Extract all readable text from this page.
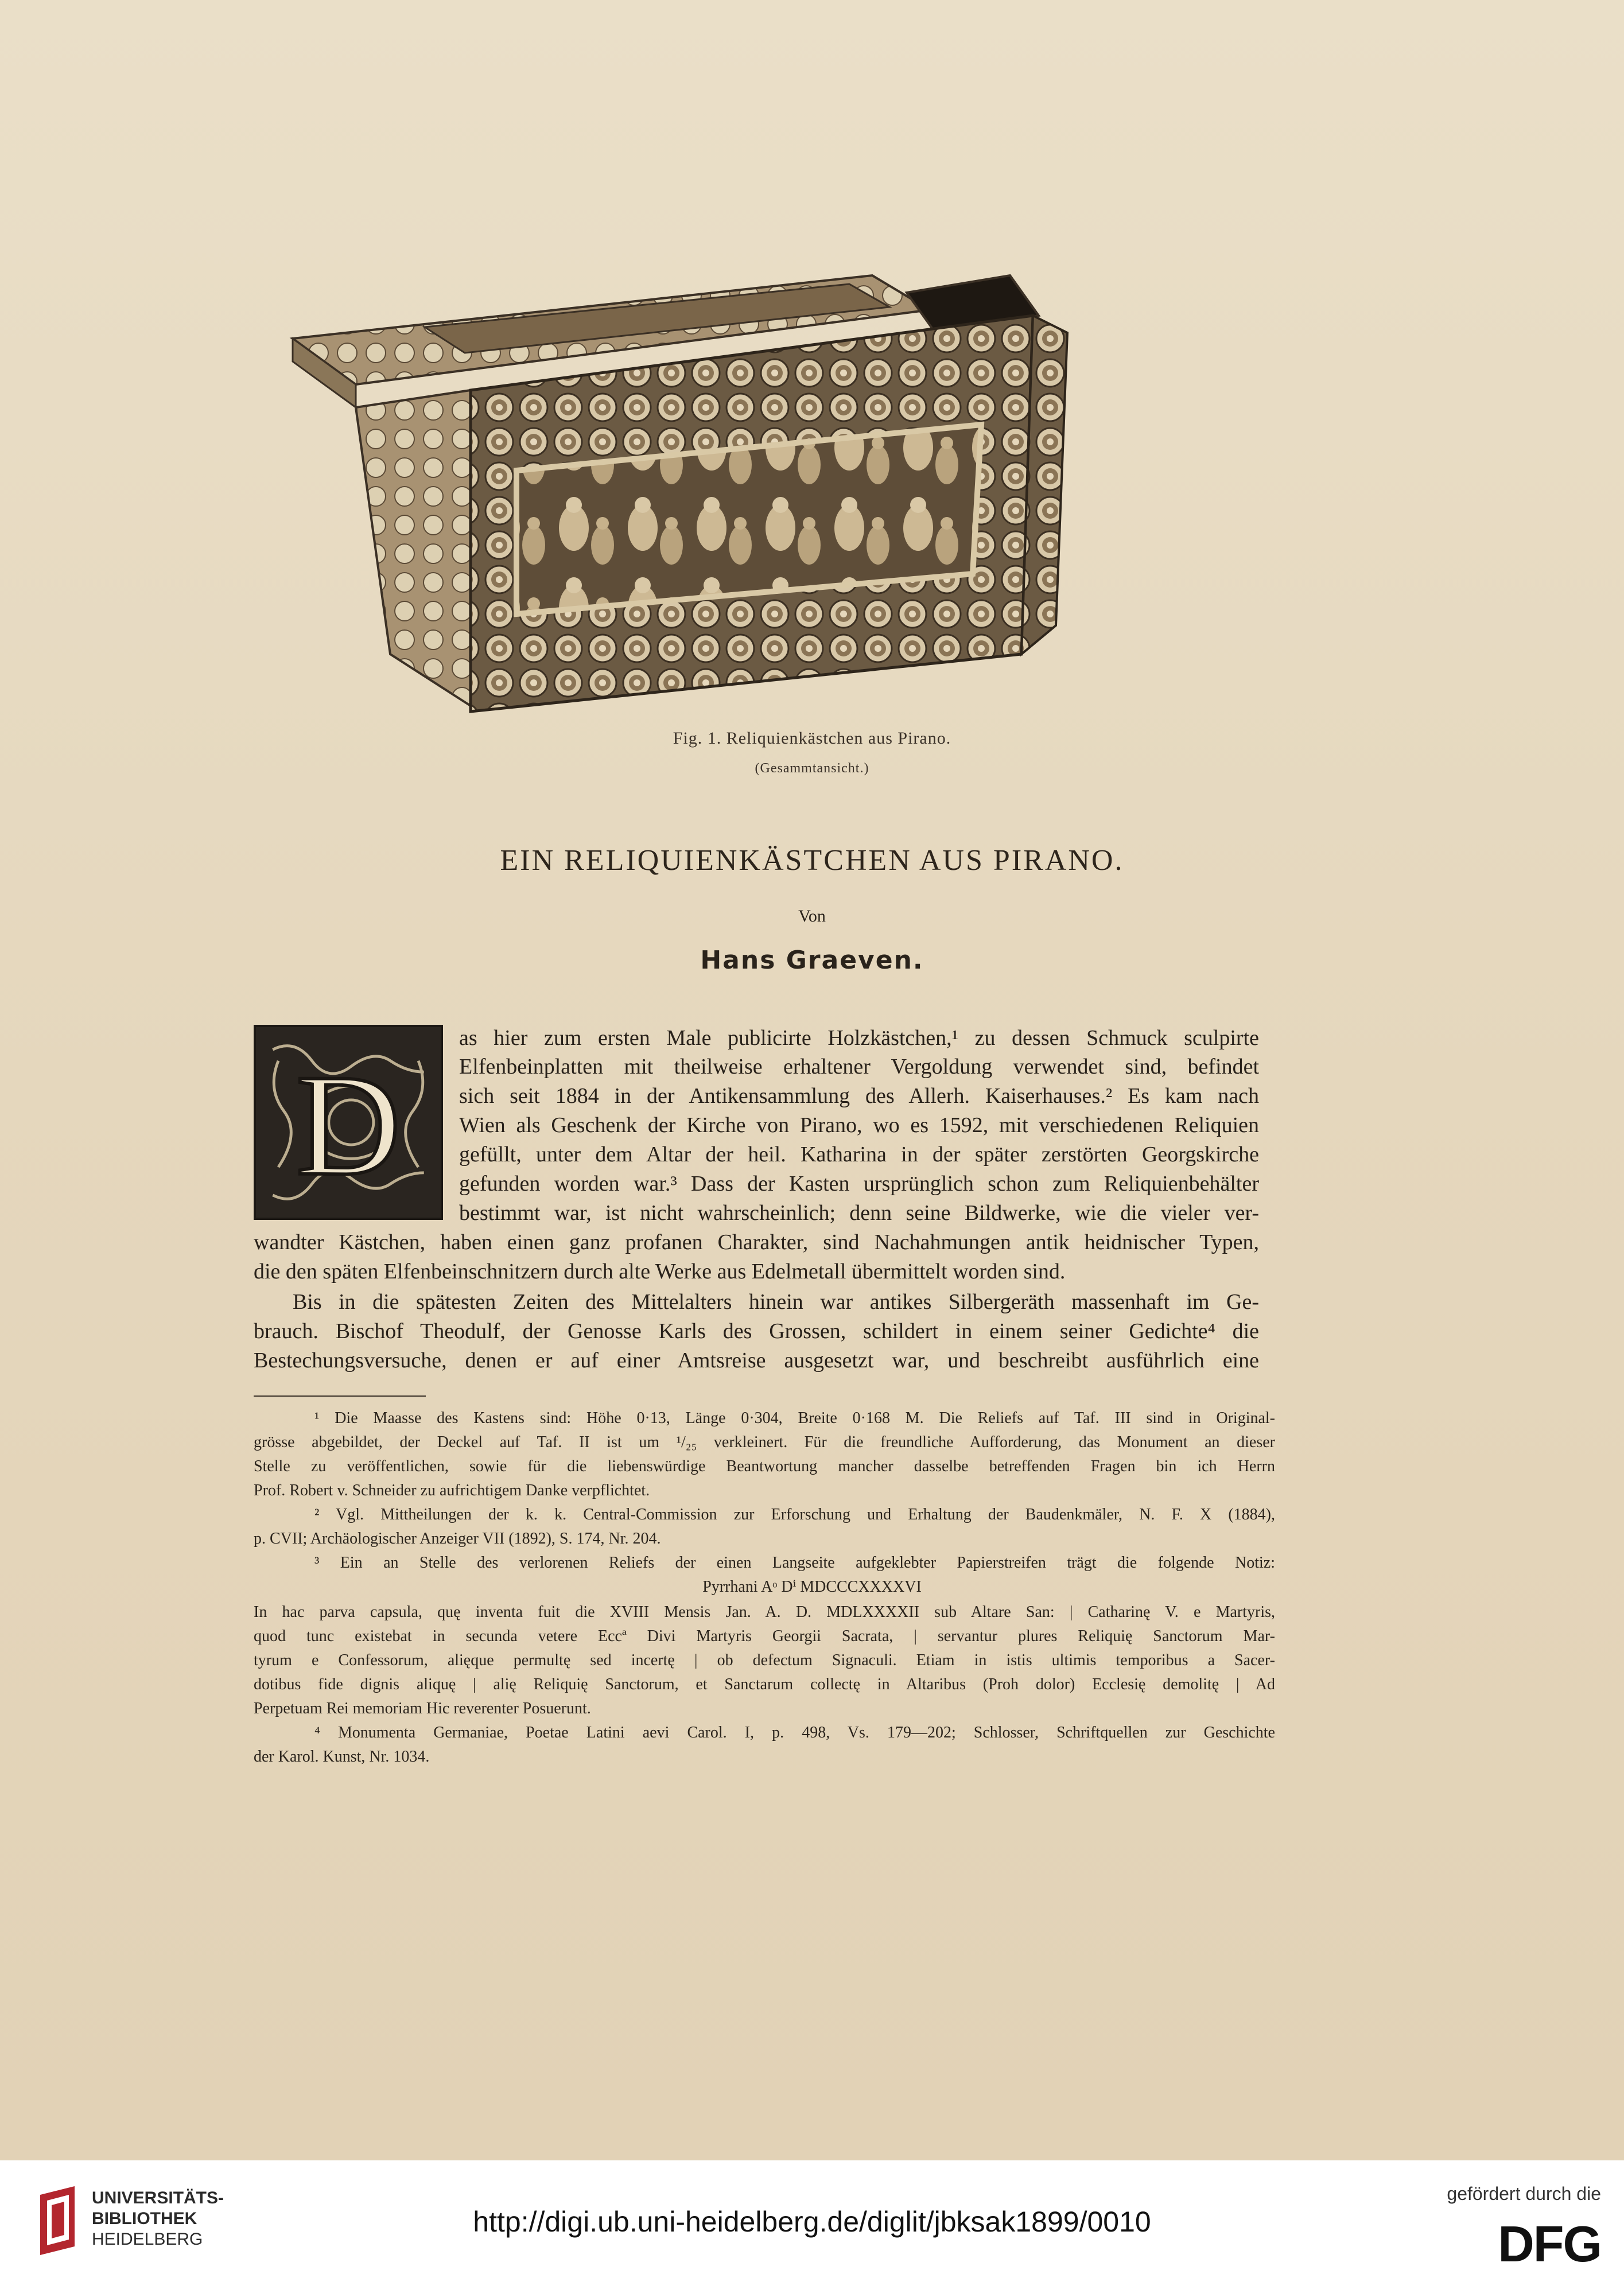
Fig. 1. Reliquienkästchen aus Pirano.
(Gesammtansicht.)
EIN RELIQUIENKÄSTCHEN AUS PIRANO.
Von
Hans Graeven.
D
as hier zum ersten Male publicirte Holzkästchen,¹ zu dessen Schmuck sculpirte
Elfenbeinplatten mit theilweise erhaltener Vergoldung verwendet sind, befindet
sich seit 1884 in der Antikensammlung des Allerh. Kaiserhauses.² Es kam nach
Wien als Geschenk der Kirche von Pirano, wo es 1592, mit verschiedenen Reliquien
gefüllt, unter dem Altar der heil. Katharina in der später zerstörten Georgskirche
gefunden worden war.³ Dass der Kasten ursprünglich schon zum Reliquienbehälter
bestimmt war, ist nicht wahrscheinlich; denn seine Bildwerke, wie die vieler ver-
wandter Kästchen, haben einen ganz profanen Charakter, sind Nachahmungen antik heidnischer Typen,
die den späten Elfenbeinschnitzern durch alte Werke aus Edelmetall übermittelt worden sind.
Bis in die spätesten Zeiten des Mittelalters hinein war antikes Silbergeräth massenhaft im Ge-
brauch. Bischof Theodulf, der Genosse Karls des Grossen, schildert in einem seiner Gedichte⁴ die
Bestechungsversuche, denen er auf einer Amtsreise ausgesetzt war, und beschreibt ausführlich eine
¹ Die Maasse des Kastens sind: Höhe 0·13, Länge 0·304, Breite 0·168 M. Die Reliefs auf Taf. III sind in Original-
grösse abgebildet, der Deckel auf Taf. II ist um ¹/₂₅ verkleinert. Für die freundliche Aufforderung, das Monument an dieser
Stelle zu veröffentlichen, sowie für die liebenswürdige Beantwortung mancher dasselbe betreffenden Fragen bin ich Herrn
Prof. Robert v. Schneider zu aufrichtigem Danke verpflichtet.
² Vgl. Mittheilungen der k. k. Central-Commission zur Erforschung und Erhaltung der Baudenkmäler, N. F. X (1884),
p. CVII; Archäologischer Anzeiger VII (1892), S. 174, Nr. 204.
³ Ein an Stelle des verlorenen Reliefs der einen Langseite aufgeklebter Papierstreifen trägt die folgende Notiz:
Pyrrhani Aᵒ Dⁱ MDCCCXXXXVI
In hac parva capsula, quę inventa fuit die XVIII Mensis Jan. A. D. MDLXXXXII sub Altare San: | Catharinę V. e Martyris,
quod tunc existebat in secunda vetere Eccª Divi Martyris Georgii Sacrata, | servantur plures Reliquię Sanctorum Mar-
tyrum e Confessorum, alięque permultę sed incertę | ob defectum Signaculi. Etiam in istis ultimis temporibus a Sacer-
dotibus fide dignis aliquę | alię Reliquię Sanctorum, et Sanctarum collectę in Altaribus (Proh dolor) Ecclesię demolitę | Ad
Perpetuam Rei memoriam Hic reverenter Posuerunt.
⁴ Monumenta Germaniae, Poetae Latini aevi Carol. I, p. 498, Vs. 179—202; Schlosser, Schriftquellen zur Geschichte
der Karol. Kunst, Nr. 1034.
UNIVERSITÄTS-
BIBLIOTHEK
HEIDELBERG
http://digi.ub.uni-heidelberg.de/diglit/jbksak1899/0010
gefördert durch die
DFG
